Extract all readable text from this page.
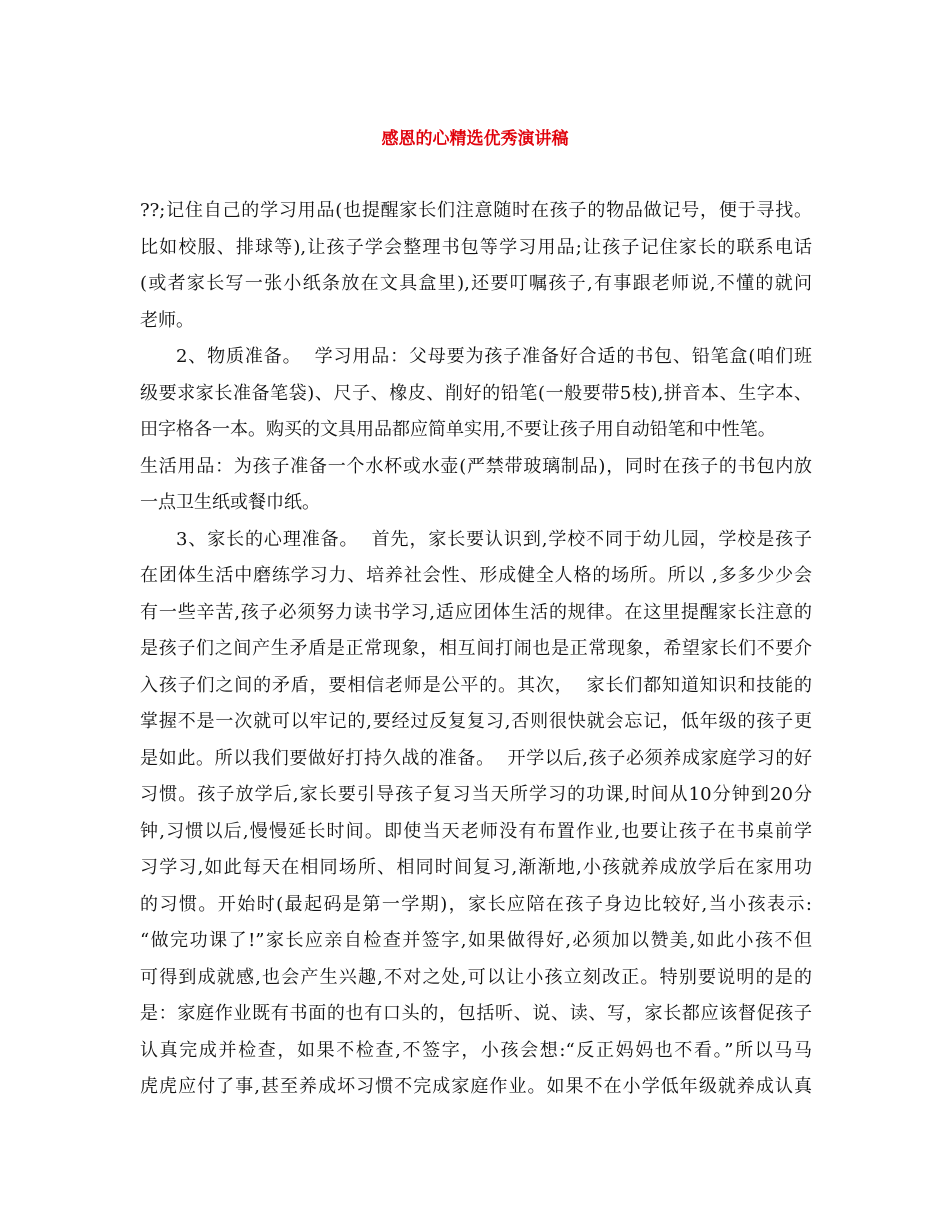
感恩的心精选优秀演讲稿
??;记住自己的学习用品(也提醒家长们注意随时在孩子的物品做记号，便于寻找。
比如校服、排球等),让孩子学会整理书包等学习用品;让孩子记住家长的联系电话
(或者家长写一张小纸条放在文具盒里),还要叮嘱孩子,有事跟老师说,不懂的就问
老师。
2、物质准备。  学习用品：父母要为孩子准备好合适的书包、铅笔盒(咱们班
级要求家长准备笔袋)、尺子、橡皮、削好的铅笔(一般要带5枝),拼音本、生字本、
田字格各一本。购买的文具用品都应简单实用,不要让孩子用自动铅笔和中性笔。
生活用品：为孩子准备一个水杯或水壶(严禁带玻璃制品)，同时在孩子的书包内放
一点卫生纸或餐巾纸。
3、家长的心理准备。  首先，家长要认识到,学校不同于幼儿园，学校是孩子
在团体生活中磨练学习力、培养社会性、形成健全人格的场所。所以 ,多多少少会
有一些辛苦,孩子必须努力读书学习,适应团体生活的规律。在这里提醒家长注意的
是孩子们之间产生矛盾是正常现象，相互间打闹也是正常现象，希望家长们不要介
入孩子们之间的矛盾，要相信老师是公平的。其次，  家长们都知道知识和技能的
掌握不是一次就可以牢记的,要经过反复复习,否则很快就会忘记，低年级的孩子更
是如此。所以我们要做好打持久战的准备。  开学以后,孩子必须养成家庭学习的好
习惯。孩子放学后,家长要引导孩子复习当天所学习的功课,时间从10分钟到20分
钟,习惯以后,慢慢延长时间。即使当天老师没有布置作业,也要让孩子在书桌前学
习学习,如此每天在相同场所、相同时间复习,渐渐地,小孩就养成放学后在家用功
的习惯。开始时(最起码是第一学期)，家长应陪在孩子身边比较好,当小孩表示:
“做完功课了!”家长应亲自检查并签字,如果做得好,必须加以赞美,如此小孩不但
可得到成就感,也会产生兴趣,不对之处,可以让小孩立刻改正。特别要说明的是的
是：家庭作业既有书面的也有口头的，包括听、说、读、写，家长都应该督促孩子
认真完成并检查，如果不检查,不签字，小孩会想:“反正妈妈也不看。”所以马马
虎虎应付了事,甚至养成坏习惯不完成家庭作业。如果不在小学低年级就养成认真
